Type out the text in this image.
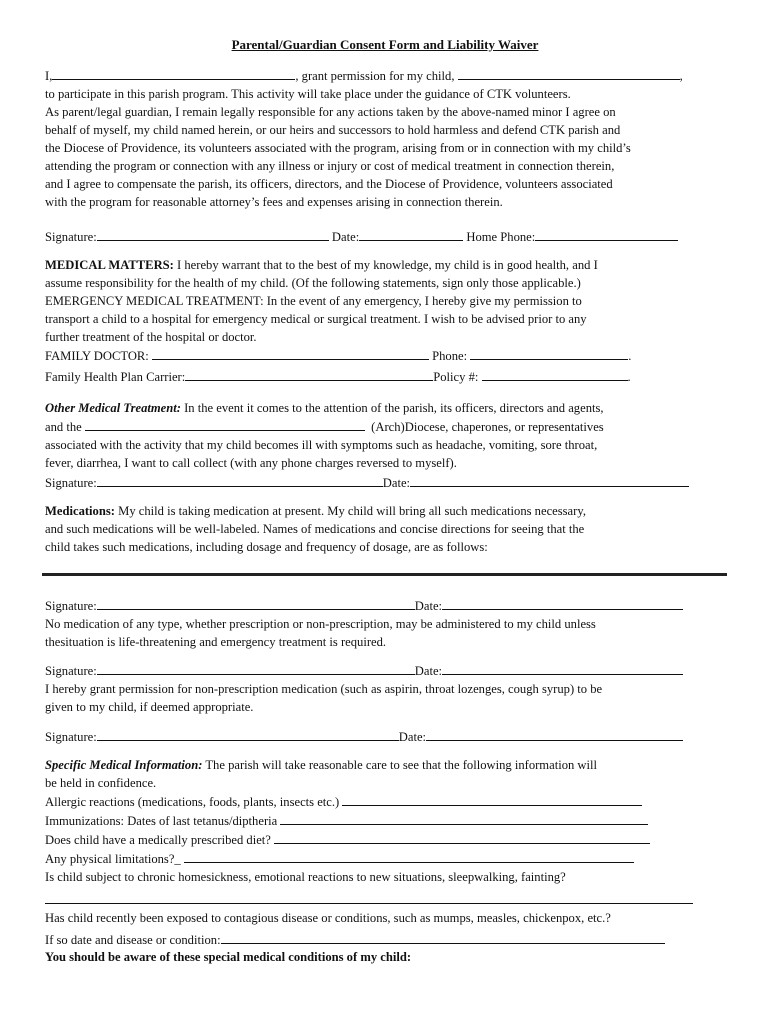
Parental/Guardian Consent Form and Liability Waiver
I,	, grant permission for my child,	,
to participate in this parish program. This activity will take place under the guidance of CTK volunteers.
As parent/legal guardian, I remain legally responsible for any actions taken by the above-named minor I agree on
behalf of myself, my child named herein, or our heirs and successors to hold harmless and defend CTK parish and
the Diocese of Providence, its volunteers associated with the program, arising from or in connection with my child’s
attending the program or connection with any illness or injury or cost of medical treatment in connection therein,
and I agree to compensate the parish, its officers, directors, and the Diocese of Providence, volunteers associated
with the program for reasonable attorney’s fees and expenses arising in connection therein.
Signature:	Date:	Home Phone:
MEDICAL MATTERS: I hereby warrant that to the best of my knowledge, my child is in good health, and I
assume responsibility for the health of my child. (Of the following statements, sign only those applicable.)
EMERGENCY MEDICAL TREATMENT: In the event of any emergency, I hereby give my permission to
transport a child to a hospital for emergency medical or surgical treatment. I wish to be advised prior to any
further treatment of the hospital or doctor.
FAMILY DOCTOR:	Phone:	.
Family Health Plan Carrier:	Policy #:	.
Other Medical Treatment: In the event it comes to the attention of the parish, its officers, directors and agents,
and the	(Arch)Diocese, chaperones, or representatives
associated with the activity that my child becomes ill with symptoms such as headache, vomiting, sore throat,
fever, diarrhea, I want to call collect (with any phone charges reversed to myself).
Signature:	Date:
Medications: My child is taking medication at present. My child will bring all such medications necessary,
and such medications will be well-labeled. Names of medications and concise directions for seeing that the
child takes such medications, including dosage and frequency of dosage, are as follows:
Signature:	Date:
No medication of any type, whether prescription or non-prescription, may be administered to my child unless
thesituation is life-threatening and emergency treatment is required.
Signature:	Date:
I hereby grant permission for non-prescription medication (such as aspirin, throat lozenges, cough syrup) to be
given to my child, if deemed appropriate.
Signature:	Date:
Specific Medical Information: The parish will take reasonable care to see that the following information will
be held in confidence.
Allergic reactions (medications, foods, plants, insects etc.)
Immunizations: Dates of last tetanus/diptheria
Does child have a medically prescribed diet?
Any physical limitations?_
Is child subject to chronic homesickness, emotional reactions to new situations, sleepwalking, fainting?
Has child recently been exposed to contagious disease or conditions, such as mumps, measles, chickenpox, etc.?
If so date and disease or condition:
You should be aware of these special medical conditions of my child:
